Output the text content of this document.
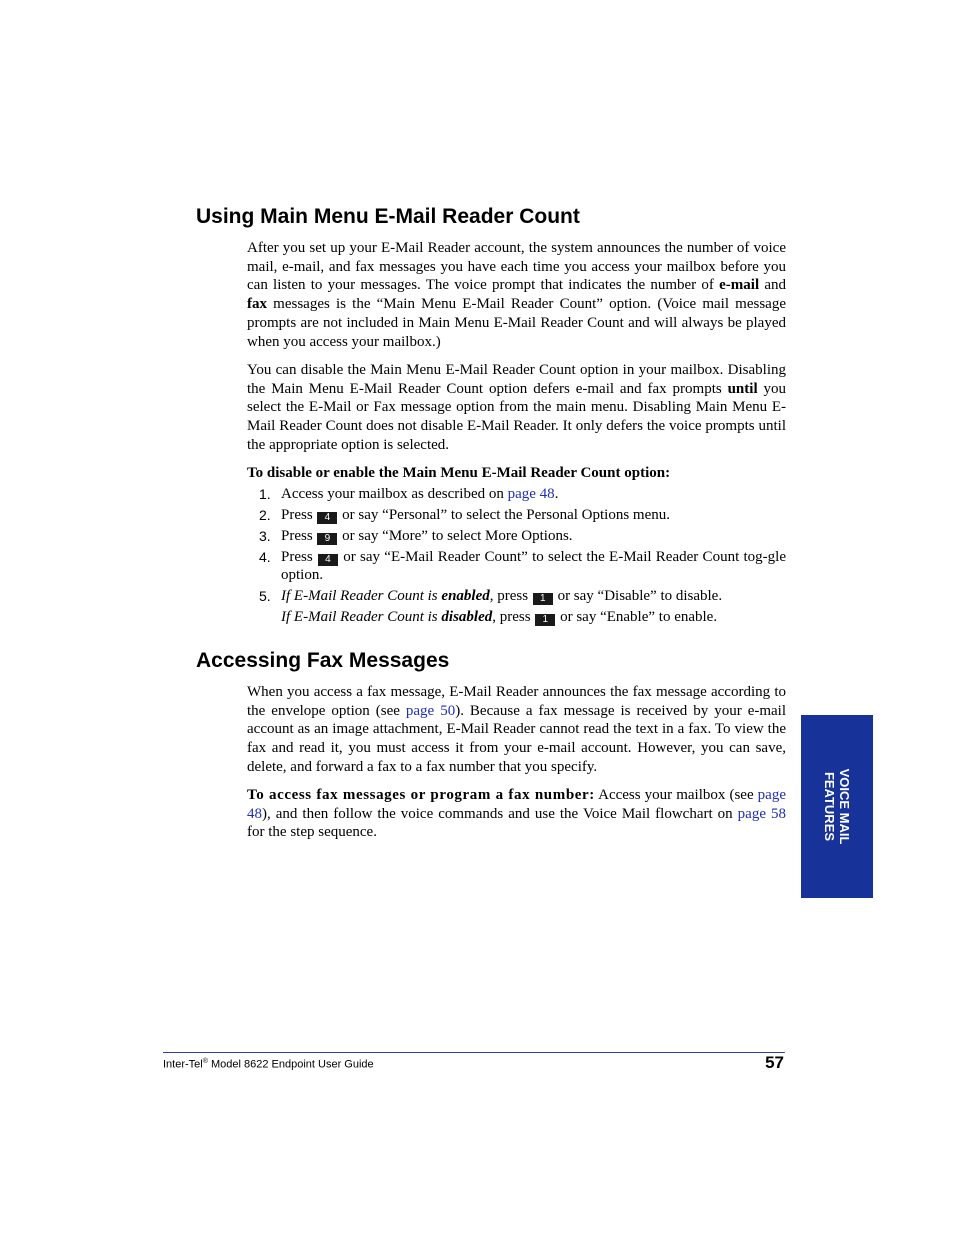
Using Main Menu E-Mail Reader Count

After you set up your E-Mail Reader account, the system announces the number of voice mail, e-mail, and fax messages you have each time you access your mailbox before you can listen to your messages. The voice prompt that indicates the number of e-mail and fax messages is the “Main Menu E-Mail Reader Count” option. (Voice mail message prompts are not included in Main Menu E-Mail Reader Count and will always be played when you access your mailbox.)

You can disable the Main Menu E-Mail Reader Count option in your mailbox. Disabling the Main Menu E-Mail Reader Count option defers e-mail and fax prompts until you select the E-Mail or Fax message option from the main menu. Disabling Main Menu E-Mail Reader Count does not disable E-Mail Reader. It only defers the voice prompts until the appropriate option is selected.

To disable or enable the Main Menu E-Mail Reader Count option:

1. Access your mailbox as described on page 48.

2. Press 4 or say “Personal” to select the Personal Options menu.

3. Press 9 or say “More” to select More Options.

4. Press 4 or say “E-Mail Reader Count” to select the E-Mail Reader Count tog-gle option.

5. If E-Mail Reader Count is enabled, press 1 or say “Disable” to disable.

If E-Mail Reader Count is disabled, press 1 or say “Enable” to enable.

Accessing Fax Messages

When you access a fax message, E-Mail Reader announces the fax message according to the envelope option (see page 50). Because a fax message is received by your e-mail account as an image attachment, E-Mail Reader cannot read the text in a fax. To view the fax and read it, you must access it from your e-mail account. However, you can save, delete, and forward a fax to a fax number that you specify.

To access fax messages or program a fax number: Access your mailbox (see page 48), and then follow the voice commands and use the Voice Mail flowchart on page 58 for the step sequence.	VOICE MAIL
FEATURES
Inter-Tel® Model 8622 Endpoint User Guide	57
